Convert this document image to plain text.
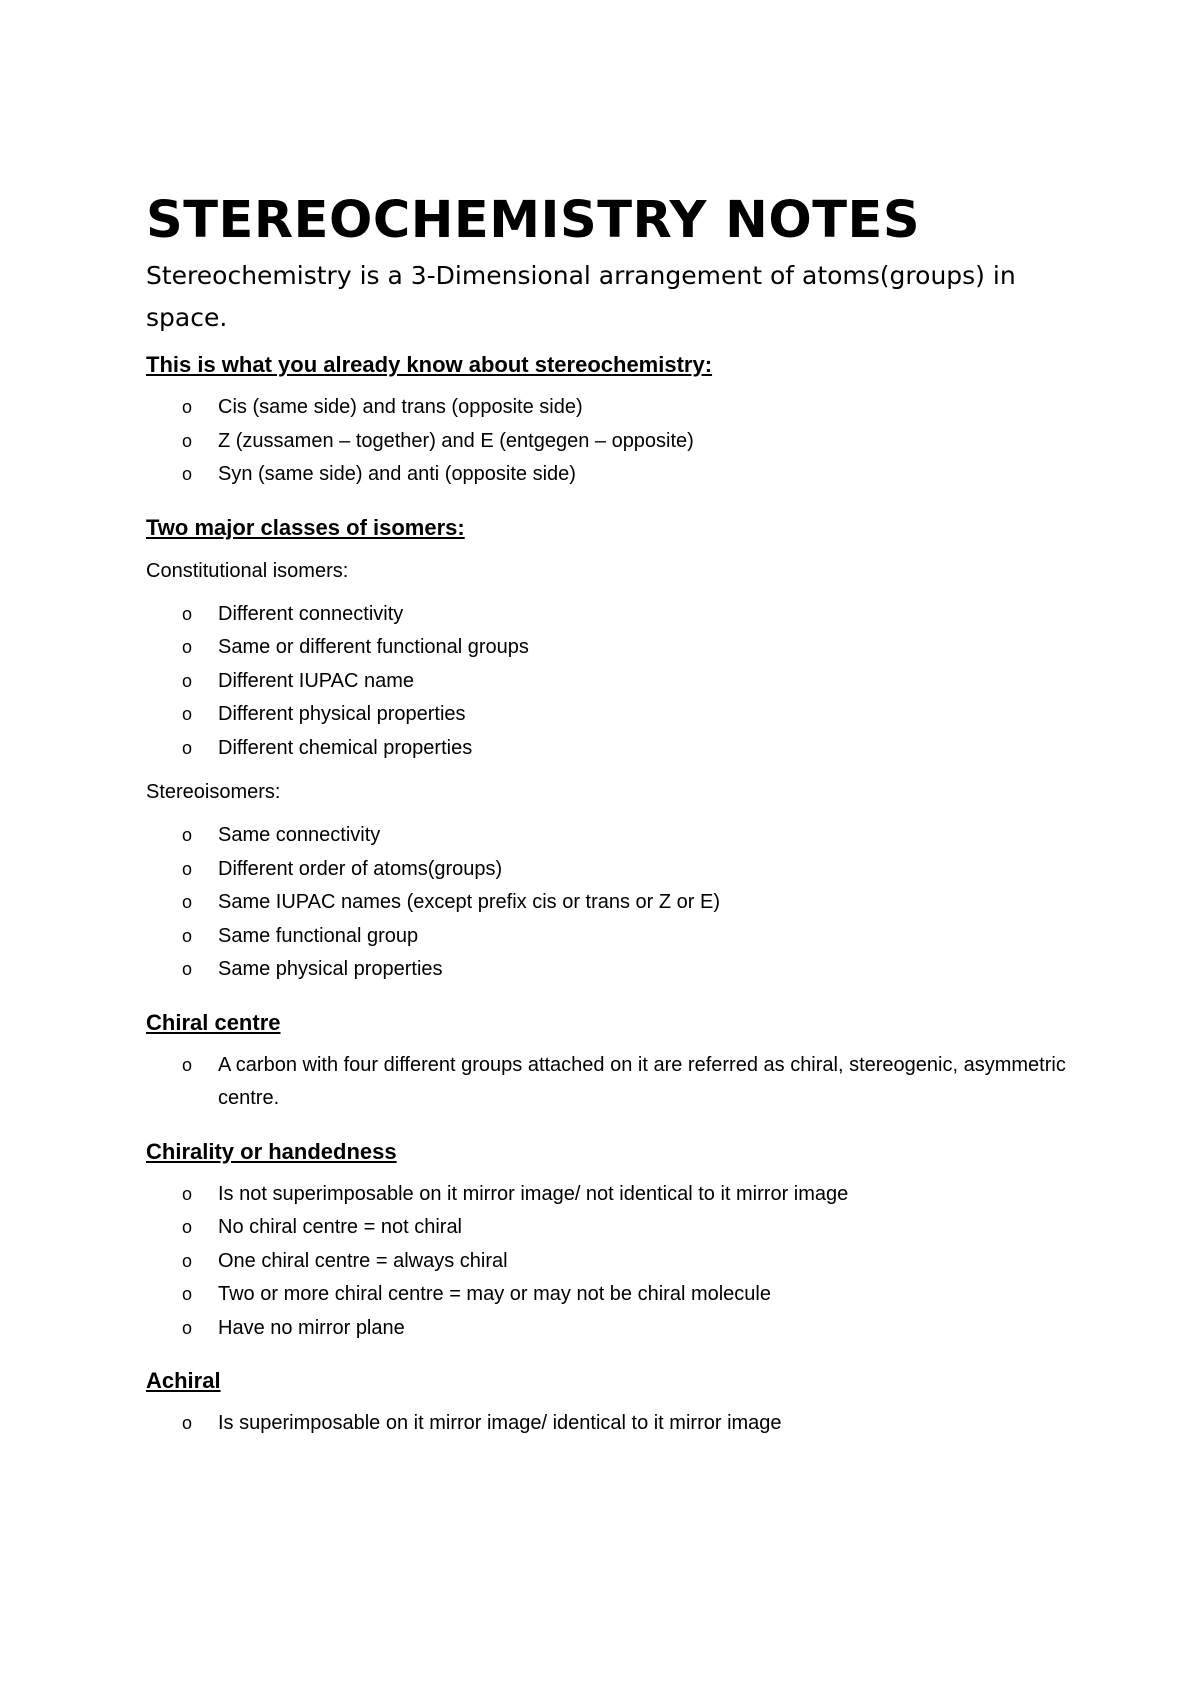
STEREOCHEMISTRY NOTES

Stereochemistry is a 3-Dimensional arrangement of atoms(groups) in space.

This is what you already know about stereochemistry:
o Cis (same side) and trans (opposite side)
o Z (zussamen – together) and E (entgegen – opposite)
o Syn (same side) and anti (opposite side)
Two major classes of isomers:
Constitutional isomers:
o Different connectivity
o Same or different functional groups
o Different IUPAC name
o Different physical properties
o Different chemical properties
Stereoisomers:
o Same connectivity
o Different order of atoms(groups)
o Same IUPAC names (except prefix cis or trans or Z or E)
o Same functional group
o Same physical properties
Chiral centre
o A carbon with four different groups attached on it are referred as chiral, stereogenic, asymmetric centre.
Chirality or handedness
o Is not superimposable on it mirror image/ not identical to it mirror image
o No chiral centre = not chiral
o One chiral centre = always chiral
o Two or more chiral centre = may or may not be chiral molecule
o Have no mirror plane
Achiral
o Is superimposable on it mirror image/ identical to it mirror image
